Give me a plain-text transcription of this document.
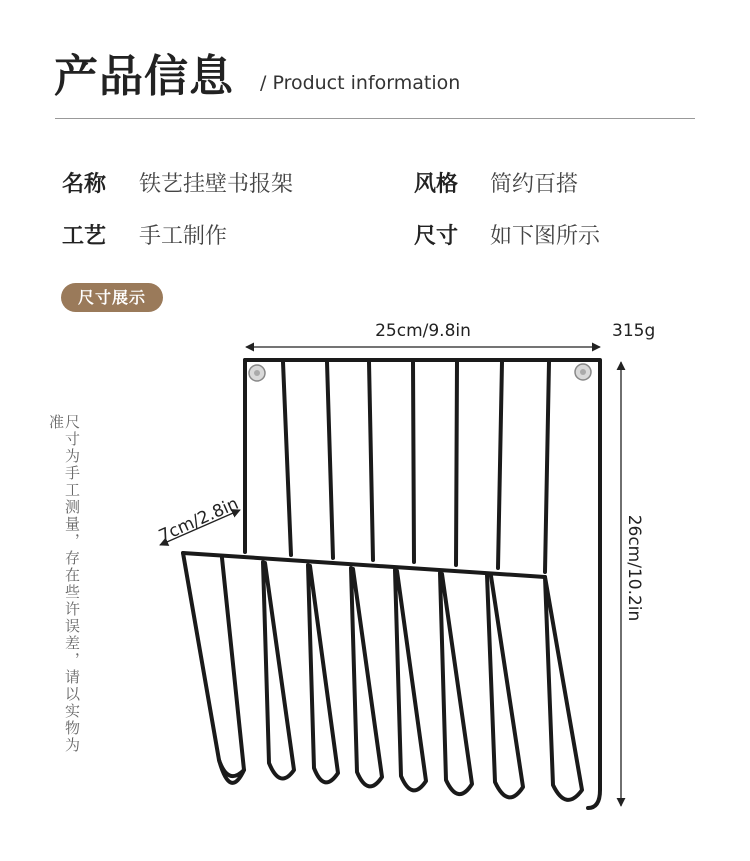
产品信息 / Product information
名称 铁艺挂壁书报架	风格 简约百搭
工艺 手工制作	尺寸 如下图所示
尺寸展示
尺寸为手工测量，存在些许误差，请以实物为准
25cm/9.8in	315g
26cm/10.2in
7cm/2.8in
